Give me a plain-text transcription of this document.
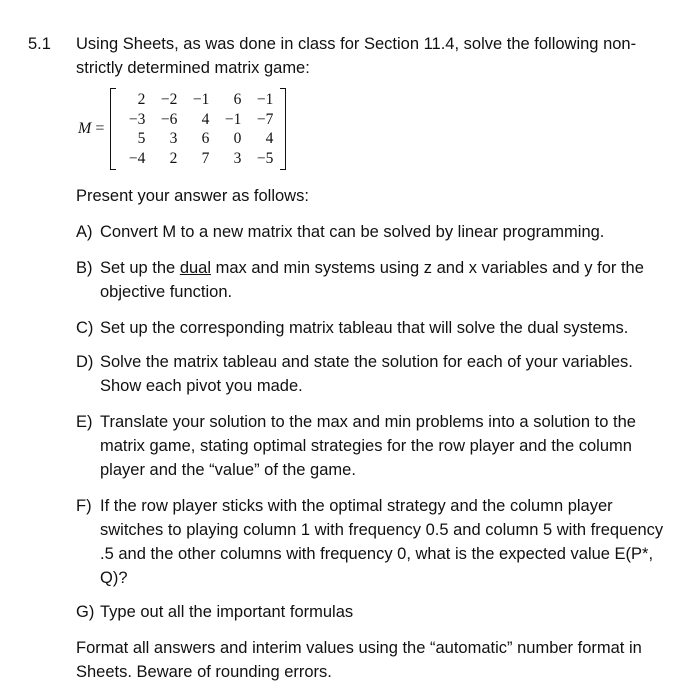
5.1 Using Sheets, as was done in class for Section 11.4, solve the following non-strictly determined matrix game:
M =
2	−2	−1	6	−1
−3	−6	4	−1	−7
5	3	6	0	4
−4	2	7	3	−5
Present your answer as follows:
A) Convert M to a new matrix that can be solved by linear programming.
B) Set up the dual max and min systems using z and x variables and y for the objective function.
C) Set up the corresponding matrix tableau that will solve the dual systems.
D) Solve the matrix tableau and state the solution for each of your variables. Show each pivot you made.
E) Translate your solution to the max and min problems into a solution to the matrix game, stating optimal strategies for the row player and the column player and the “value” of the game.
F) If the row player sticks with the optimal strategy and the column player switches to playing column 1 with frequency 0.5 and column 5 with frequency .5 and the other columns with frequency 0, what is the expected value E(P*, Q)?
G) Type out all the important formulas
Format all answers and interim values using the “automatic” number format in Sheets. Beware of rounding errors.
